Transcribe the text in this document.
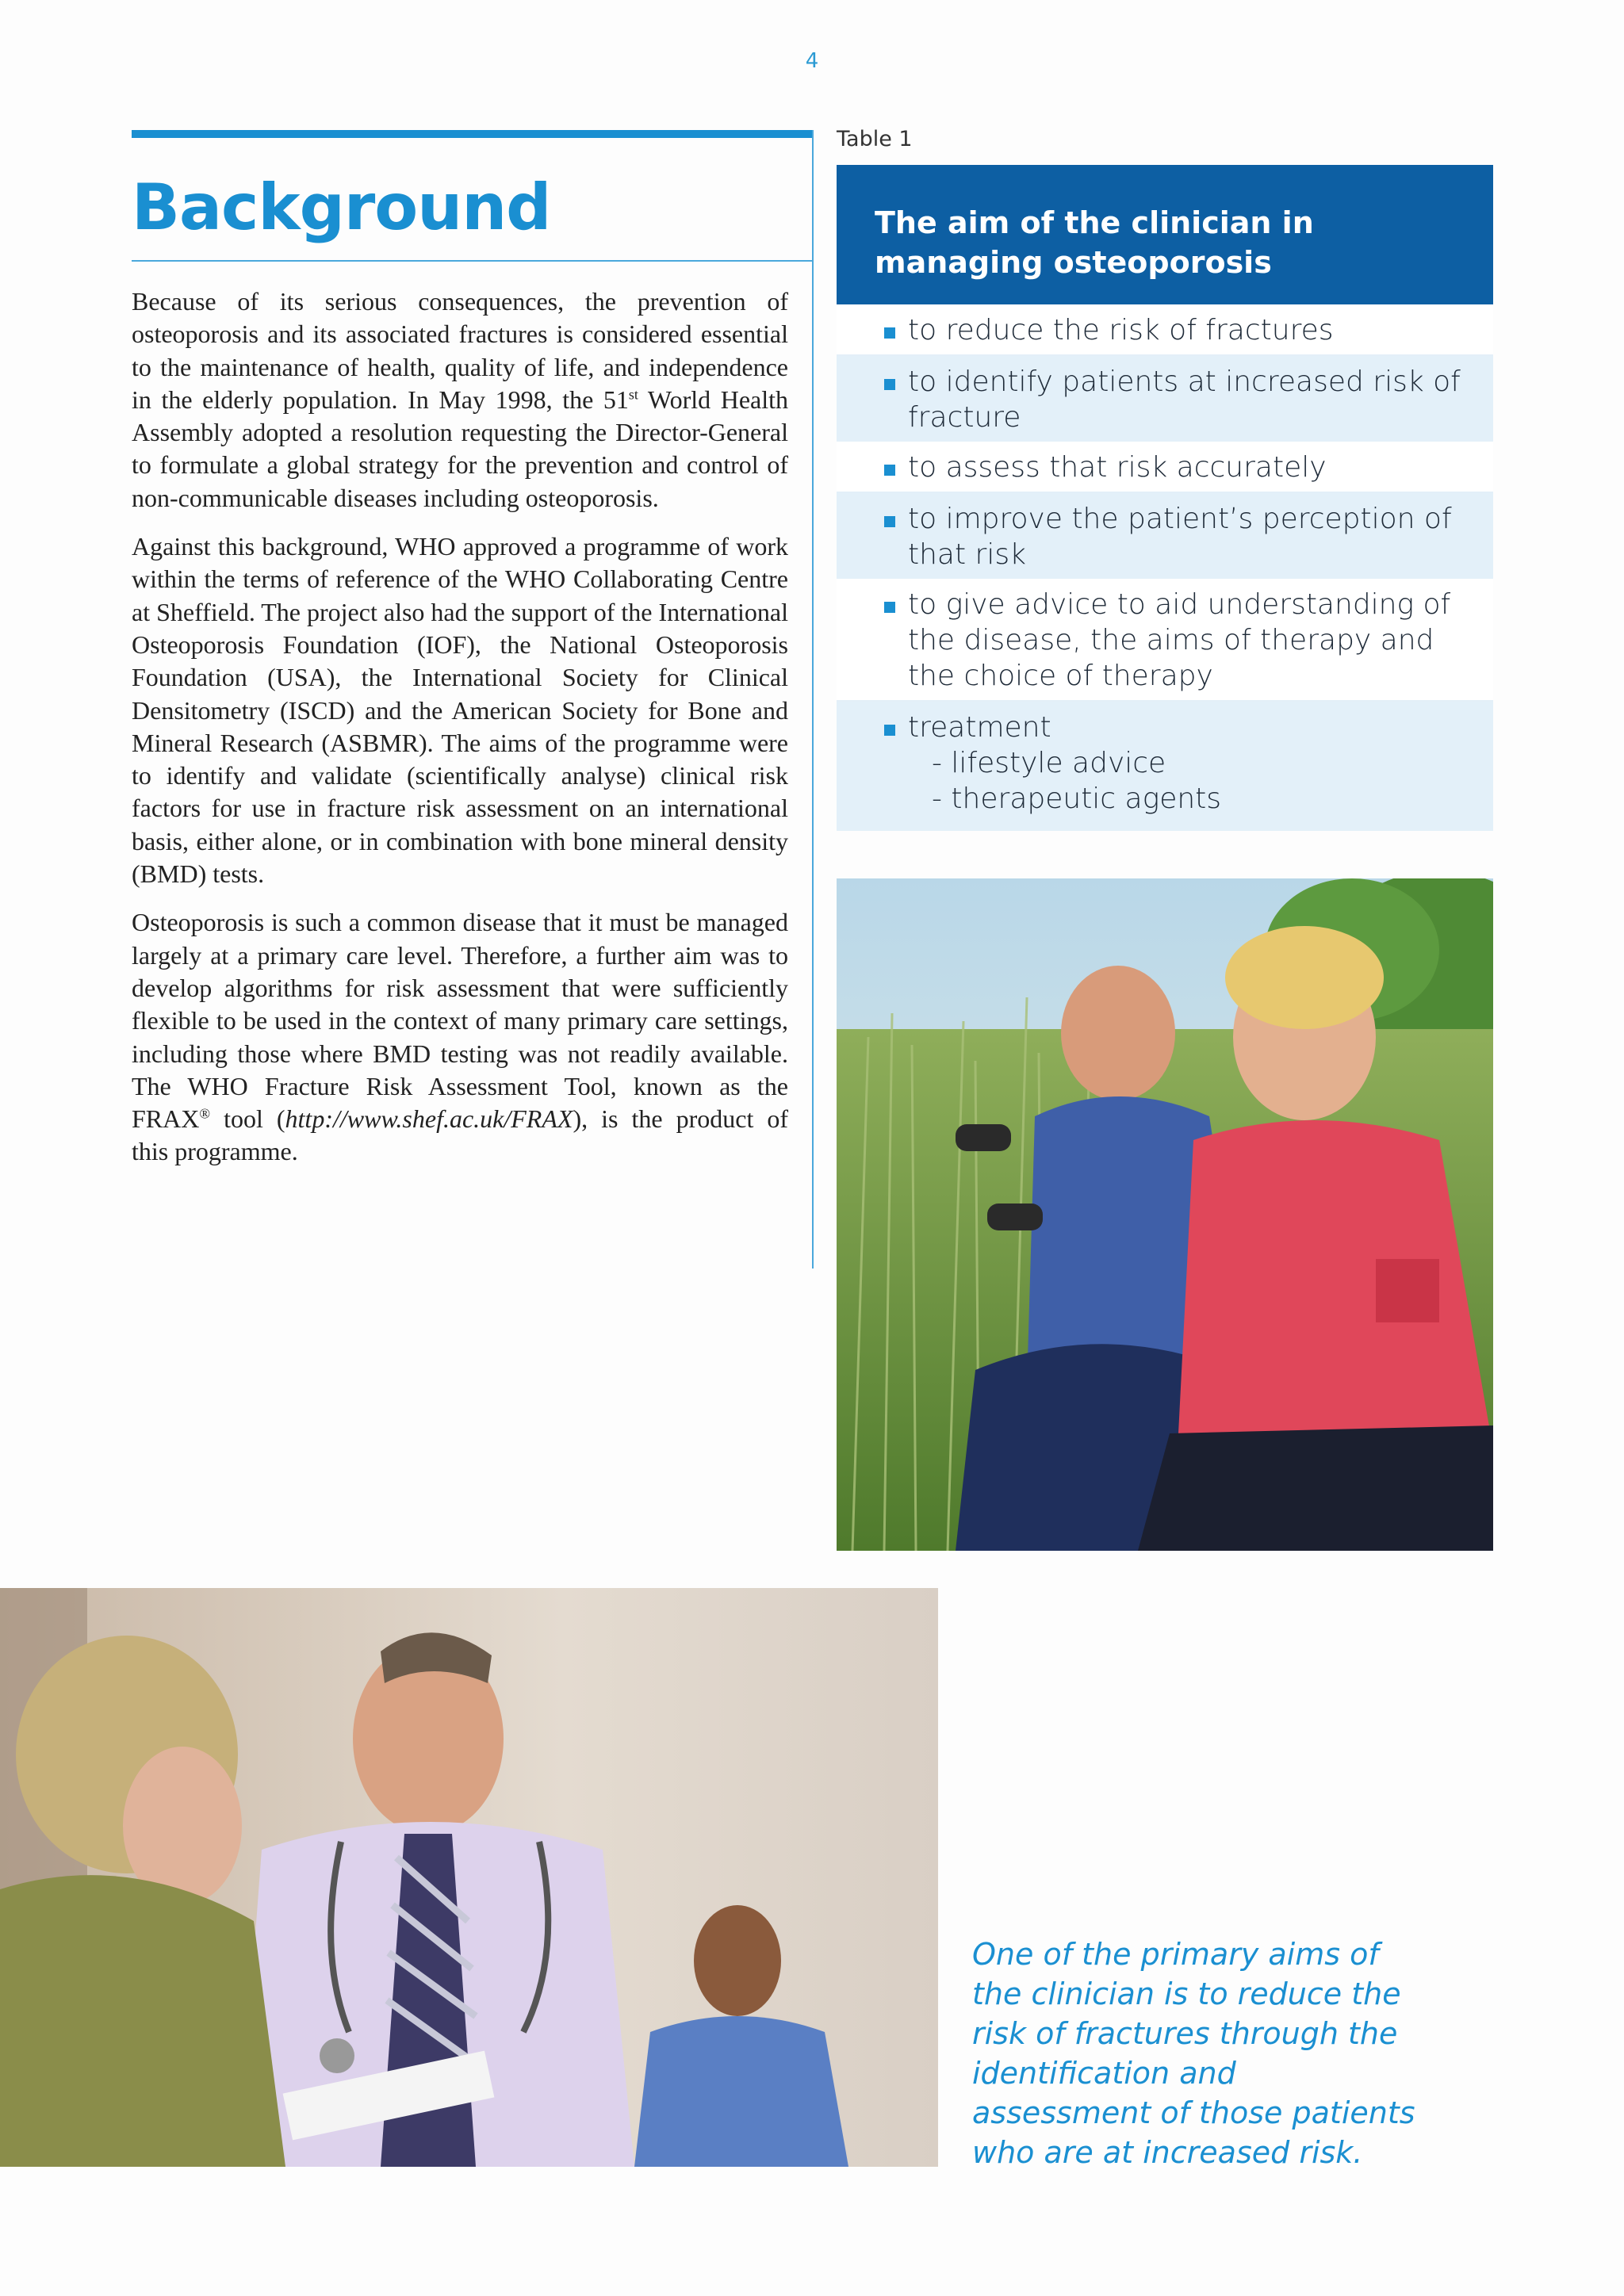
4
Background

Because of its serious consequences, the prevention of osteoporosis and its associated fractures is considered essential to the maintenance of health, quality of life, and independence in the elderly population. In May 1998, the 51st World Health Assembly adopted a resolution requesting the Director-General to formulate a global strategy for the prevention and control of non-communicable diseases including osteoporosis.

Against this background, WHO approved a programme of work within the terms of reference of the WHO Collaborating Centre at Sheffield. The project also had the support of the International Osteoporosis Foundation (IOF), the National Osteoporosis Foundation (USA), the International Society for Clinical Densitometry (ISCD) and the American Society for Bone and Mineral Research (ASBMR). The aims of the programme were to identify and validate (scientifically analyse) clinical risk factors for use in fracture risk assessment on an international basis, either alone, or in combination with bone mineral density (BMD) tests.

Osteoporosis is such a common disease that it must be managed largely at a primary care level. Therefore, a further aim was to develop algorithms for risk assessment that were sufficiently flexible to be used in the context of many primary care settings, including those where BMD testing was not readily available. The WHO Fracture Risk Assessment Tool, known as the FRAX® tool (http://www.shef.ac.uk/FRAX), is the product of this programme.

Table 1
The aim of the clinician in managing osteoporosis
to reduce the risk of fractures
to identify patients at increased risk of fracture
to assess that risk accurately
to improve the patient’s perception of that risk
to give advice to aid understanding of the disease, the aims of therapy and the choice of therapy
treatment
- lifestyle advice
- therapeutic agents

One of the primary aims of the clinician is to reduce the risk of fractures through the identification and assessment of those patients who are at increased risk.
